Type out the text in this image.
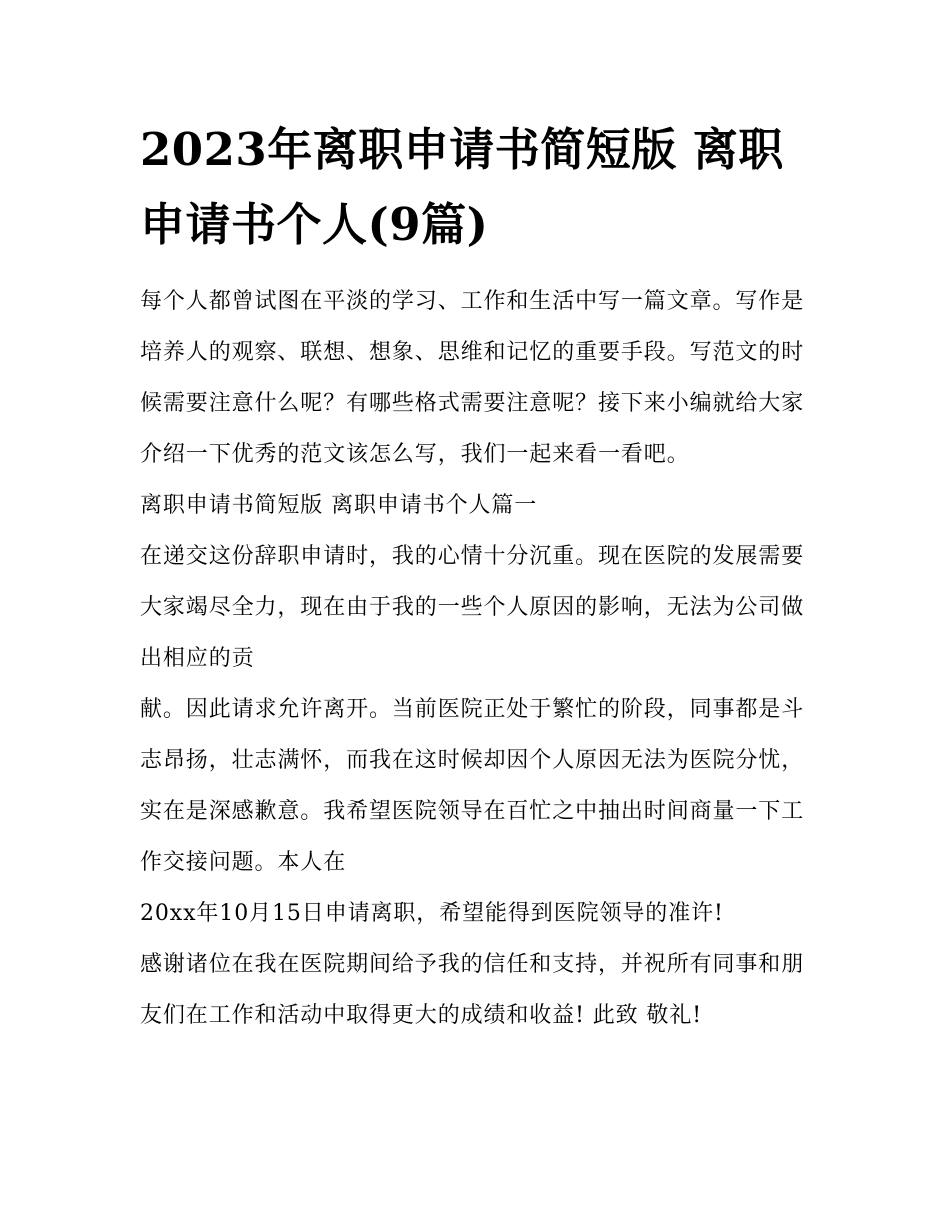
2023年离职申请书简短版 离职申请书个人(9篇)

每个人都曾试图在平淡的学习、工作和生活中写一篇文章。写作是培养人的观察、联想、想象、思维和记忆的重要手段。写范文的时候需要注意什么呢？有哪些格式需要注意呢？接下来小编就给大家介绍一下优秀的范文该怎么写，我们一起来看一看吧。

离职申请书简短版 离职申请书个人篇一

在递交这份辞职申请时，我的心情十分沉重。现在医院的发展需要大家竭尽全力，现在由于我的一些个人原因的影响，无法为公司做出相应的贡

献。因此请求允许离开。当前医院正处于繁忙的阶段，同事都是斗志昂扬，壮志满怀，而我在这时候却因个人原因无法为医院分忧，实在是深感歉意。我希望医院领导在百忙之中抽出时间商量一下工作交接问题。本人在

20xx年10月15日申请离职，希望能得到医院领导的准许!

感谢诸位在我在医院期间给予我的信任和支持，并祝所有同事和朋友们在工作和活动中取得更大的成绩和收益! 此致 敬礼!
